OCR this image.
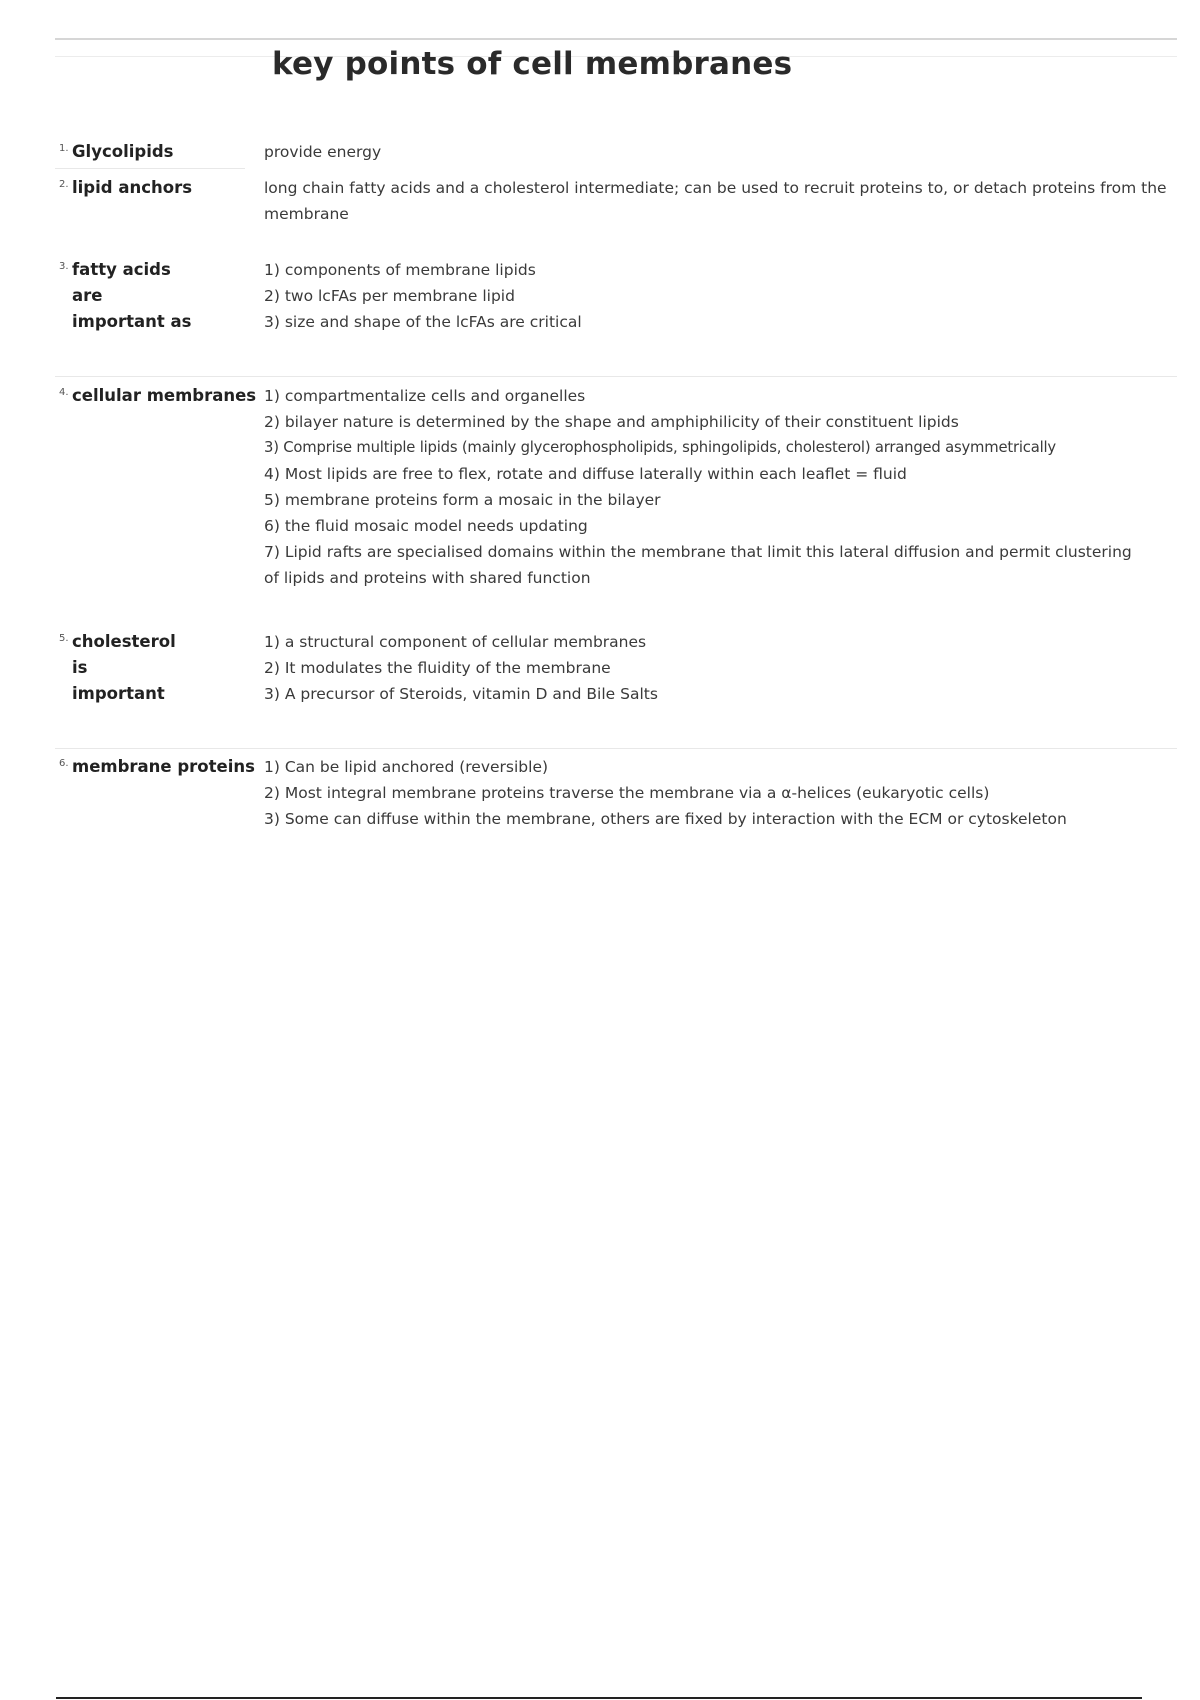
key points of cell membranes
1. Glycolipids	provide energy
2. lipid anchors	long chain fatty acids and a cholesterol intermediate; can be used to recruit proteins to, or detach proteins from the membrane
3. fatty acids
are
important as
1) components of membrane lipids
2) two lcFAs per membrane lipid
3) size and shape of the lcFAs are critical
4. cellular membranes 1) compartmentalize cells and organelles
2) bilayer nature is determined by the shape and amphiphilicity of their constituent lipids
3) Comprise multiple lipids (mainly glycerophospholipids, sphingolipids, cholesterol) arranged asymmetrically
4) Most lipids are free to flex, rotate and diffuse laterally within each leaflet = fluid
5) membrane proteins form a mosaic in the bilayer
6) the fluid mosaic model needs updating
7) Lipid rafts are specialised domains within the membrane that limit this lateral diffusion and permit clustering of lipids and proteins with shared function
5. cholesterol
is
important
1) a structural component of cellular membranes
2) It modulates the fluidity of the membrane
3) A precursor of Steroids, vitamin D and Bile Salts
6. membrane proteins 1) Can be lipid anchored (reversible)
2) Most integral membrane proteins traverse the membrane via a α-helices (eukaryotic cells)
3) Some can diffuse within the membrane, others are fixed by interaction with the ECM or cytoskeleton
